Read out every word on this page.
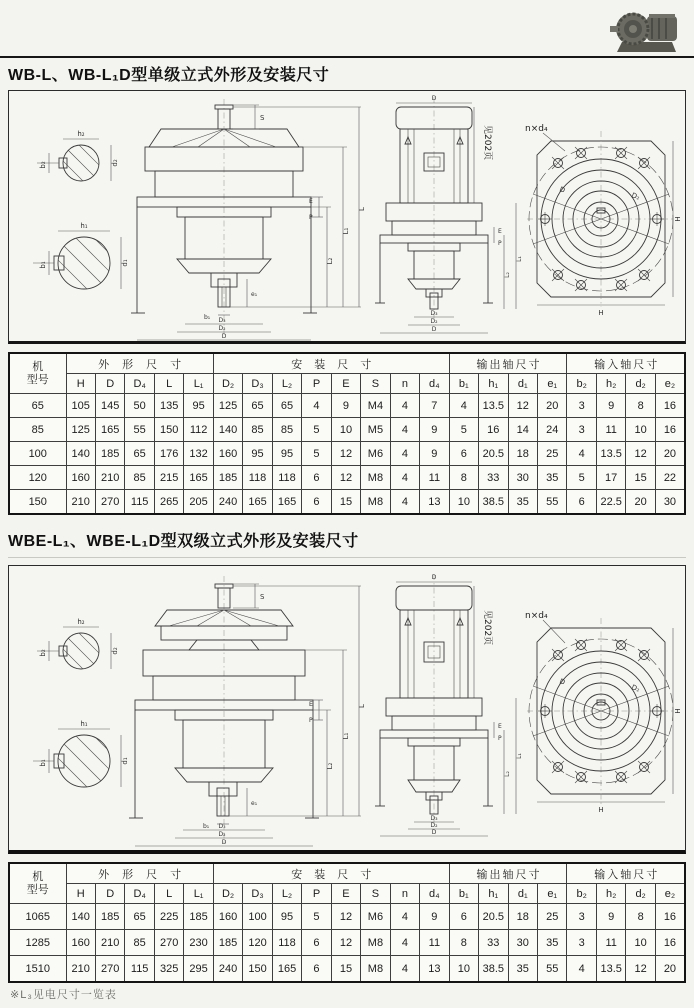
WB-L、WB-L₁D型单级立式外形及安装尺寸
h₂
b₂	d₂
h₁
b₁	d₁
S
e₁
b₁ D₃
D₂
D
E
P
L₂
L₁
L
D
见202页
E
P
L₂
L₁
D₃
D₂
D
n×d₄
D
D₂
H
H
机
型号	外形尺寸					安装尺寸								输出轴尺寸				输入轴尺寸			
	H	D	D₄	L	L₁	D₂	D₃	L₂	P	E	S	n	d₄	b₁	h₁	d₁	e₁	b₂	h₂	d₂	e₂
65	105	145	50	135	95	125	65	65	4	9	M4	4	7	4	13.5	12	20	3	9	8	16
85	125	165	55	150	112	140	85	85	5	10	M5	4	9	5	16	14	24	3	11	10	16
100	140	185	65	176	132	160	95	95	5	12	M6	4	9	6	20.5	18	25	4	13.5	12	20
120	160	210	85	215	165	185	118	118	6	12	M8	4	11	8	33	30	35	5	17	15	22
150	210	270	115	265	205	240	165	165	6	15	M8	4	13	10	38.5	35	55	6	22.5	20	30
WBE-L₁、WBE-L₁D型双级立式外形及安装尺寸
h₂
b₂	d₂
h₁
b₁	d₁
S
e₁
b₁ D₃
D₂
D
E
P
L₂
L₁
L
D
见202页
E
P
L₂
L₁
D₃
D₂
D
n×d₄
D
D₂
H
H
机
型号	外形尺寸					安装尺寸								输出轴尺寸				输入轴尺寸			
	H	D	D₄	L	L₁	D₂	D₃	L₂	P	E	S	n	d₄	b₁	h₁	d₁	e₁	b₂	h₂	d₂	e₂
1065	140	185	65	225	185	160	100	95	5	12	M6	4	9	6	20.5	18	25	3	9	8	16
1285	160	210	85	270	230	185	120	118	6	12	M8	4	11	8	33	30	35	3	11	10	16
1510	210	270	115	325	295	240	150	165	6	15	M8	4	13	10	38.5	35	55	4	13.5	12	20
※L₃见电尺寸一览表
